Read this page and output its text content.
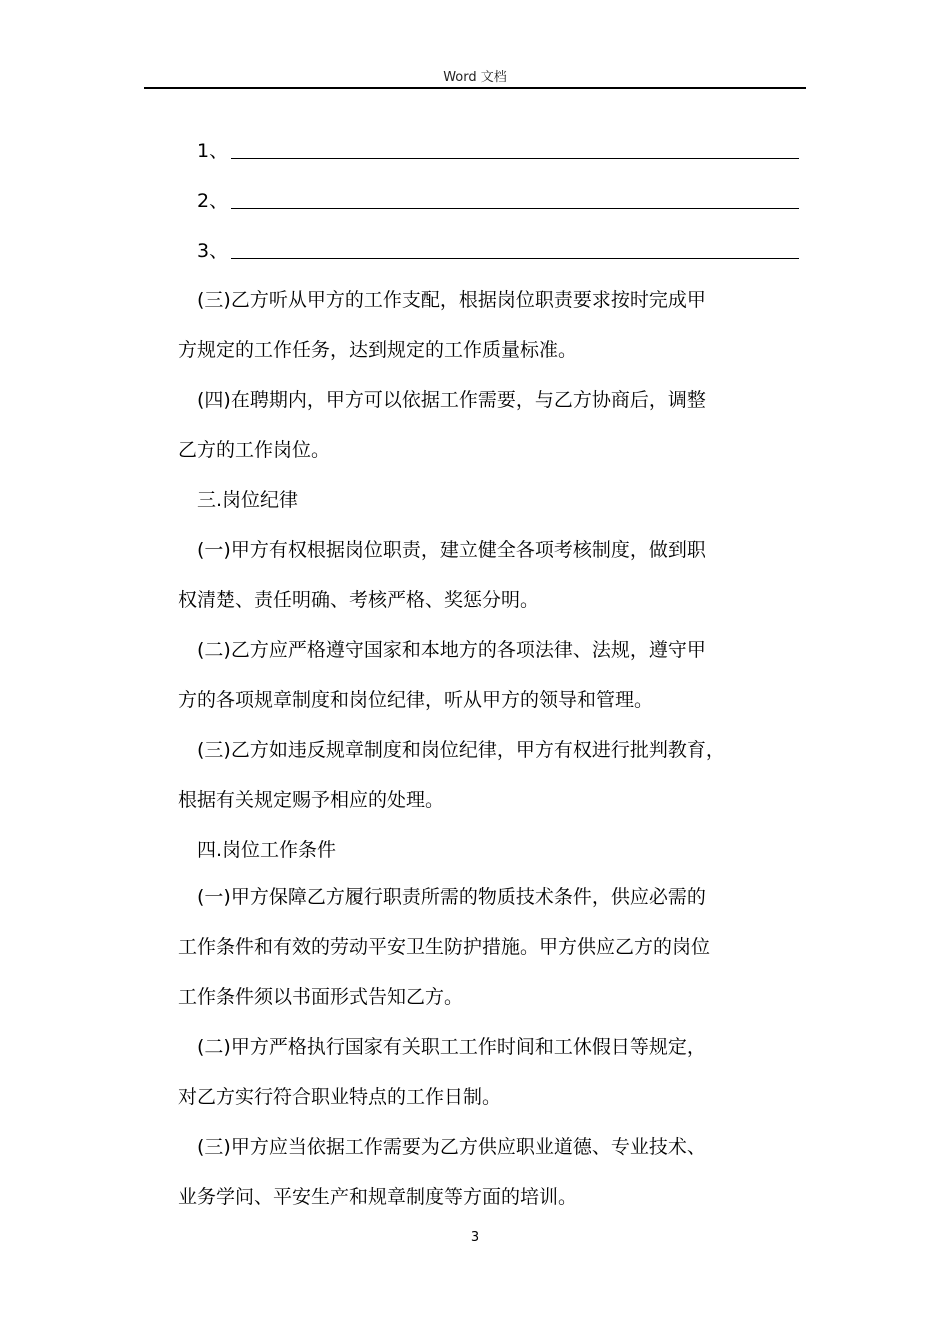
Word 文档
1、
2、
3、
(三)乙方听从甲方的工作支配，根据岗位职责要求按时完成甲
方规定的工作任务，达到规定的工作质量标准。
(四)在聘期内，甲方可以依据工作需要，与乙方协商后，调整
乙方的工作岗位。
三.岗位纪律
(一)甲方有权根据岗位职责，建立健全各项考核制度，做到职
权清楚、责任明确、考核严格、奖惩分明。
(二)乙方应严格遵守国家和本地方的各项法律、法规，遵守甲
方的各项规章制度和岗位纪律，听从甲方的领导和管理。
(三)乙方如违反规章制度和岗位纪律，甲方有权进行批判教育，
根据有关规定赐予相应的处理。
四.岗位工作条件
(一)甲方保障乙方履行职责所需的物质技术条件，供应必需的
工作条件和有效的劳动平安卫生防护措施。甲方供应乙方的岗位
工作条件须以书面形式告知乙方。
(二)甲方严格执行国家有关职工工作时间和工休假日等规定，
对乙方实行符合职业特点的工作日制。
(三)甲方应当依据工作需要为乙方供应职业道德、专业技术、
业务学问、平安生产和规章制度等方面的培训。
3
